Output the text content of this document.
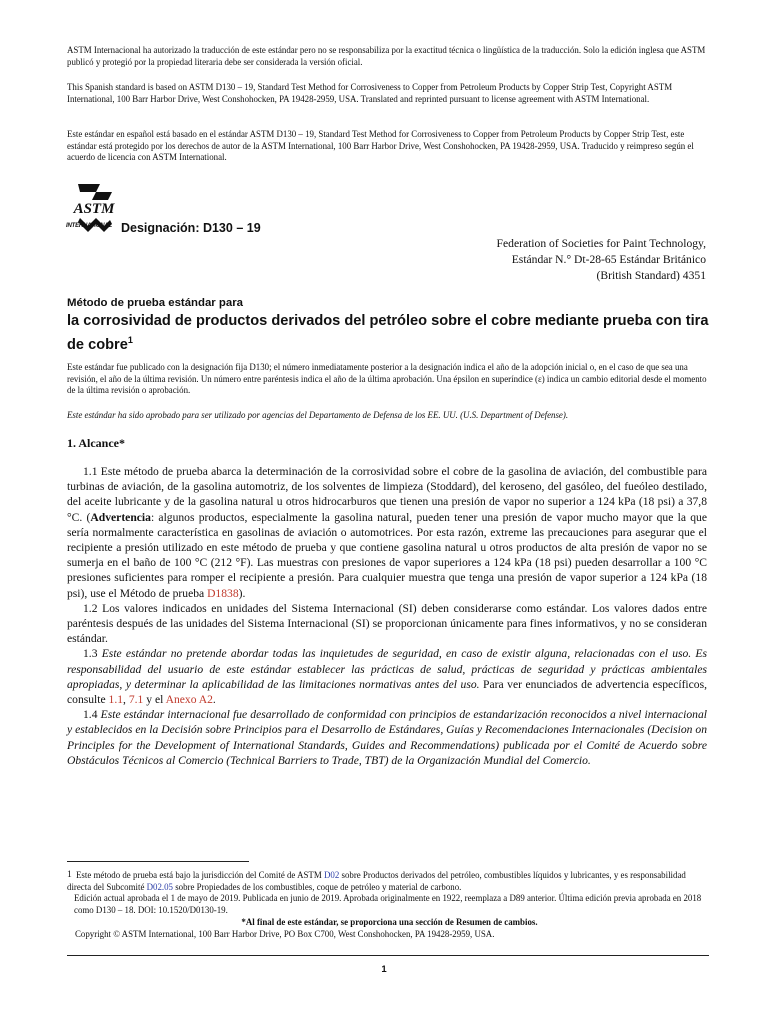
ASTM Internacional ha autorizado la traducción de este estándar pero no se responsabiliza por la exactitud técnica o lingüística de la traducción. Solo la edición inglesa que ASTM publicó y protegió por la propiedad literaria debe ser considerada la versión oficial.
This Spanish standard is based on ASTM D130 – 19, Standard Test Method for Corrosiveness to Copper from Petroleum Products by Copper Strip Test, Copyright ASTM International, 100 Barr Harbor Drive, West Conshohocken, PA 19428-2959, USA. Translated and reprinted pursuant to license agreement with ASTM International.
Este estándar en español está basado en el estándar ASTM D130 – 19, Standard Test Method for Corrosiveness to Copper from Petroleum Products by Copper Strip Test, este estándar está protegido por los derechos de autor de la ASTM International, 100 Barr Harbor Drive, West Conshohocken, PA 19428-2959, USA. Traducido y reimpreso según el acuerdo de licencia con ASTM International.
ASTM
INTERNATIONAL Designación: D130 – 19
Federation of Societies for Paint Technology,
Estándar N.° Dt-28-65 Estándar Británico
(British Standard) 4351
Método de prueba estándar para
la corrosividad de productos derivados del petróleo sobre el cobre mediante prueba con tira de cobre$^1$
Este estándar fue publicado con la designación fija D130; el número inmediatamente posterior a la designación indica el año de la adopción inicial o, en el caso de que sea una revisión, el año de la última revisión. Un número entre paréntesis indica el año de la última aprobación. Una épsilon en superíndice (ε) indica un cambio editorial desde el momento de la última revisión o aprobación.
Este estándar ha sido aprobado para ser utilizado por agencias del Departamento de Defensa de los EE. UU. (U.S. Department of Defense).
1. Alcance*

1.1 Este método de prueba abarca la determinación de la corrosividad sobre el cobre de la gasolina de aviación, del combustible para turbinas de aviación, de la gasolina automotriz, de los solventes de limpieza (Stoddard), del keroseno, del gasóleo, del fueóleo destilado, del aceite lubricante y de la gasolina natural u otros hidrocarburos que tienen una presión de vapor no superior a 124 kPa (18 psi) a 37,8 °C. (Advertencia: algunos productos, especialmente la gasolina natural, pueden tener una presión de vapor mucho mayor que la que sería normalmente característica en gasolinas de aviación o automotrices. Por esta razón, extreme las precauciones para asegurar que el recipiente a presión utilizado en este método de prueba y que contiene gasolina natural u otros productos de alta presión de vapor no se sumerja en el baño de 100 °C (212 °F). Las muestras con presiones de vapor superiores a 124 kPa (18 psi) pueden desarrollar a 100 °C presiones suficientes para romper el recipiente a presión. Para cualquier muestra que tenga una presión de vapor superior a 124 kPa (18 psi), use el Método de prueba D1838).

1.2 Los valores indicados en unidades del Sistema Internacional (SI) deben considerarse como estándar. Los valores dados entre paréntesis después de las unidades del Sistema Internacional (SI) se proporcionan únicamente para fines informativos, y no se consideran estándar.

1.3 Este estándar no pretende abordar todas las inquietudes de seguridad, en caso de existir alguna, relacionadas con el uso. Es responsabilidad del usuario de este estándar establecer las prácticas de salud, prácticas de seguridad y prácticas ambientales apropiadas, y determinar la aplicabilidad de las limitaciones normativas antes del uso. Para ver enunciados de advertencia específicos, consulte 1.1, 7.1 y el Anexo A2.

1.4 Este estándar internacional fue desarrollado de conformidad con principios de estandarización reconocidos a nivel internacional y establecidos en la Decisión sobre Principios para el Desarrollo de Estándares, Guías y Recomendaciones Internacionales (Decision on Principles for the Development of International Standards, Guides and Recommendations) publicada por el Comité de Acuerdo sobre Obstáculos Técnicos al Comercio (Technical Barriers to Trade, TBT) de la Organización Mundial del Comercio.

1 Este método de prueba está bajo la jurisdicción del Comité de ASTM D02 sobre Productos derivados del petróleo, combustibles líquidos y lubricantes, y es responsabilidad directa del Subcomité D02.05 sobre Propiedades de los combustibles, coque de petróleo y material de carbono.

Edición actual aprobada el 1 de mayo de 2019. Publicada en junio de 2019. Aprobada originalmente en 1922, reemplaza a D89 anterior. Última edición previa aprobada en 2018 como D130 – 18. DOI: 10.1520/D0130-19.

*Al final de este estándar, se proporciona una sección de Resumen de cambios.

Copyright © ASTM International, 100 Barr Harbor Drive, PO Box C700, West Conshohocken, PA 19428-2959, USA.

1
